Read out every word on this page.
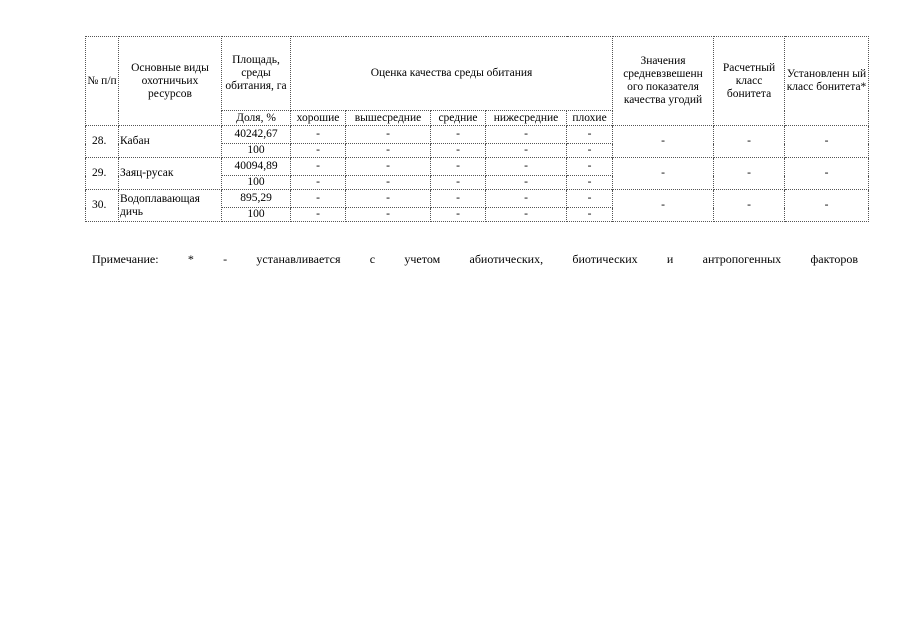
№ п/п	Основные виды охотничьих ресурсов	Площадь, среды обитания, га	Оценка качества среды обитания					Значения средневзвешенн ого показателя качества угодий	Расчетный класс бонитета	Установленн ый класс бонитета*
		Доля, %	хорошие	вышесредние	средние	нижесредние	плохие			
28.	Кабан	40242,67	-	-	-	-	-	-	-	-
		100	-	-	-	-	-			
29.	Заяц-русак	40094,89	-	-	-	-	-	-	-	-
		100	-	-	-	-	-			
30.	Водоплавающая дичь	895,29	-	-	-	-	-	-	-	-
		100	-	-	-	-	-			
Примечание: * - устанавливается с учетом абиотических, биотических и антропогенных факторов
